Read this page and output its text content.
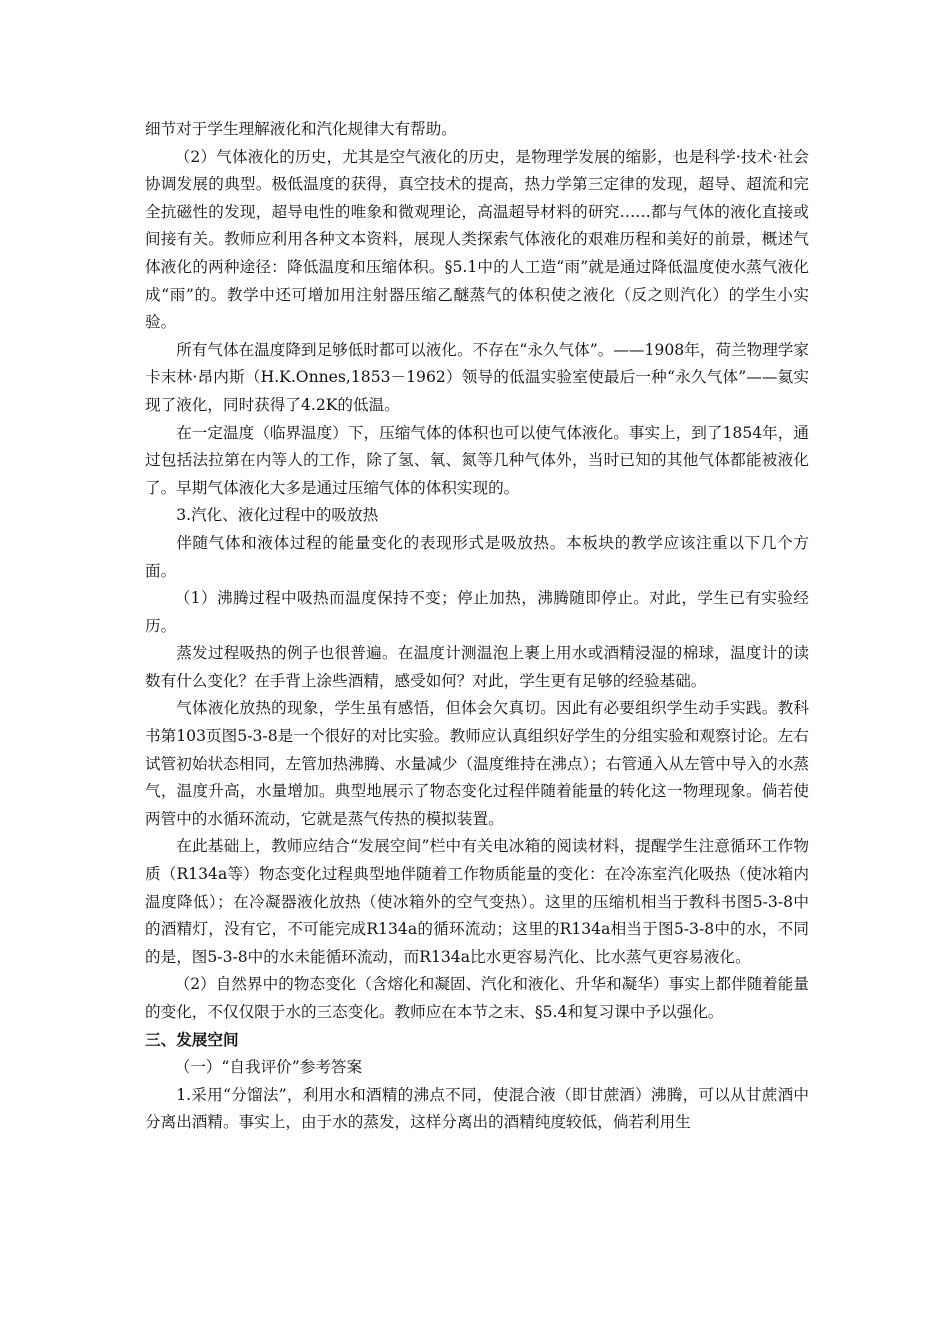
细节对于学生理解液化和汽化规律大有帮助。

（2）气体液化的历史，尤其是空气液化的历史，是物理学发展的缩影，也是科学·技术·社会协调发展的典型。极低温度的获得，真空技术的提高，热力学第三定律的发现，超导、超流和完全抗磁性的发现，超导电性的唯象和微观理论，高温超导材料的研究……都与气体的液化直接或间接有关。教师应利用各种文本资料，展现人类探索气体液化的艰难历程和美好的前景，概述气体液化的两种途径：降低温度和压缩体积。§5.1中的人工造“雨”就是通过降低温度使水蒸气液化成“雨”的。教学中还可增加用注射器压缩乙醚蒸气的体积使之液化（反之则汽化）的学生小实验。

所有气体在温度降到足够低时都可以液化。不存在“永久气体”。——1908年，荷兰物理学家卡末林·昂内斯（H.K.Onnes,1853－1962）领导的低温实验室使最后一种“永久气体”——氦实现了液化，同时获得了4.2K的低温。

在一定温度（临界温度）下，压缩气体的体积也可以使气体液化。事实上，到了1854年，通过包括法拉第在内等人的工作，除了氢、氧、氮等几种气体外，当时已知的其他气体都能被液化了。早期气体液化大多是通过压缩气体的体积实现的。

3.汽化、液化过程中的吸放热

伴随气体和液体过程的能量变化的表现形式是吸放热。本板块的教学应该注重以下几个方面。

（1）沸腾过程中吸热而温度保持不变；停止加热，沸腾随即停止。对此，学生已有实验经历。

蒸发过程吸热的例子也很普遍。在温度计测温泡上裹上用水或酒精浸湿的棉球，温度计的读数有什么变化？在手背上涂些酒精，感受如何？对此，学生更有足够的经验基础。

气体液化放热的现象，学生虽有感悟，但体会欠真切。因此有必要组织学生动手实践。教科书第103页图5-3-8是一个很好的对比实验。教师应认真组织好学生的分组实验和观察讨论。左右试管初始状态相同，左管加热沸腾、水量减少（温度维持在沸点）；右管通入从左管中导入的水蒸气，温度升高，水量增加。典型地展示了物态变化过程伴随着能量的转化这一物理现象。倘若使两管中的水循环流动，它就是蒸气传热的模拟装置。

在此基础上，教师应结合“发展空间”栏中有关电冰箱的阅读材料，提醒学生注意循环工作物质（R134a等）物态变化过程典型地伴随着工作物质能量的变化：在冷冻室汽化吸热（使冰箱内温度降低）；在冷凝器液化放热（使冰箱外的空气变热）。这里的压缩机相当于教科书图5-3-8中的酒精灯，没有它，不可能完成R134a的循环流动；这里的R134a相当于图5-3-8中的水，不同的是，图5-3-8中的水未能循环流动，而R134a比水更容易汽化、比水蒸气更容易液化。

（2）自然界中的物态变化（含熔化和凝固、汽化和液化、升华和凝华）事实上都伴随着能量的变化，不仅仅限于水的三态变化。教师应在本节之末、§5.4和复习课中予以强化。

三、发展空间

（一）“自我评价”参考答案

1.采用“分馏法”，利用水和酒精的沸点不同，使混合液（即甘蔗酒）沸腾，可以从甘蔗酒中分离出酒精。事实上，由于水的蒸发，这样分离出的酒精纯度较低，倘若利用生
